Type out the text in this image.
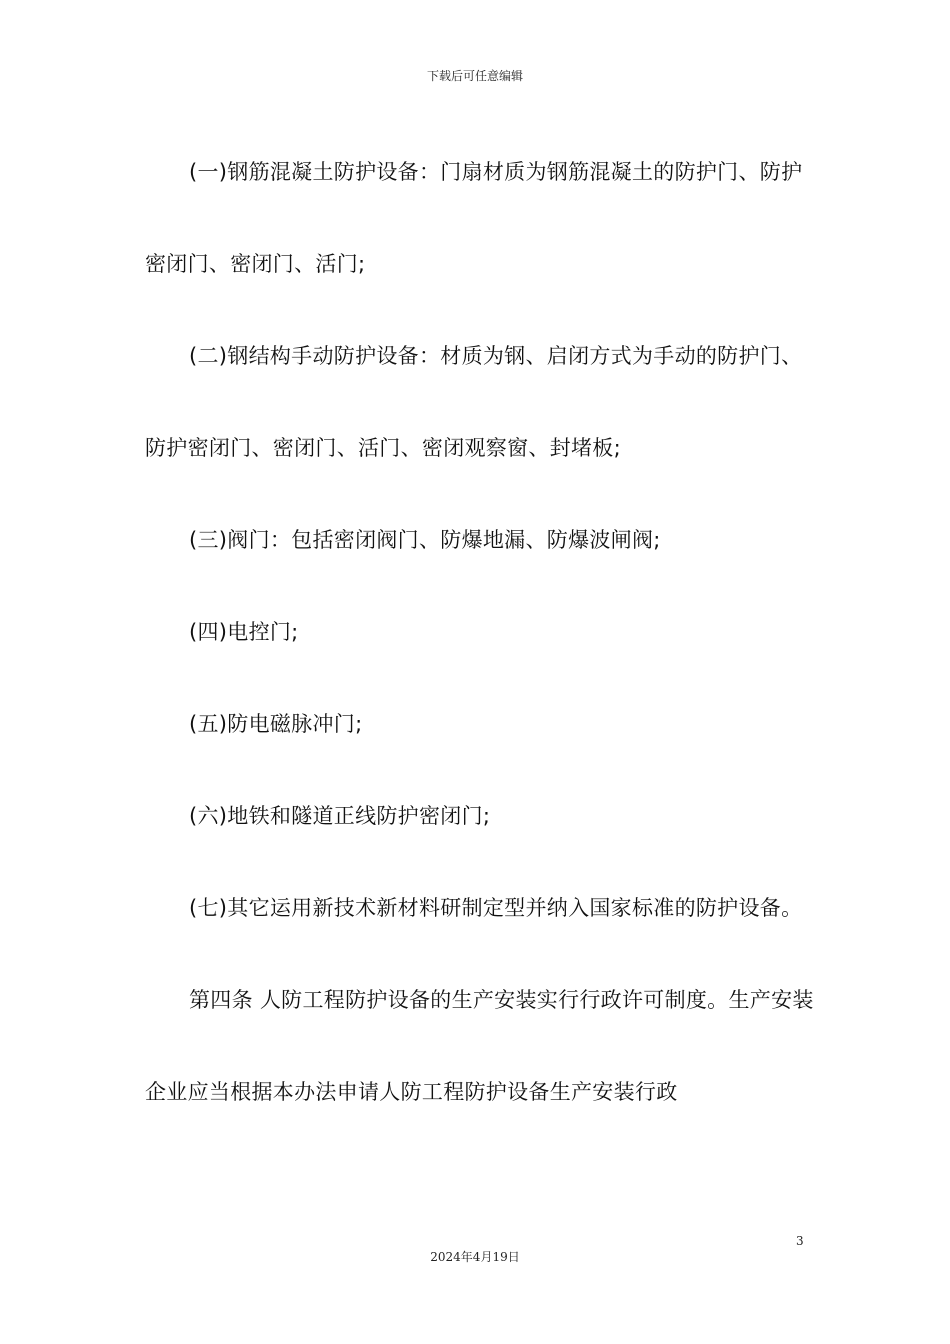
下载后可任意编辑

(一)钢筋混凝土防护设备：门扇材质为钢筋混凝土的防护门、防护密闭门、密闭门、活门;

(二)钢结构手动防护设备：材质为钢、启闭方式为手动的防护门、防护密闭门、密闭门、活门、密闭观察窗、封堵板;

(三)阀门：包括密闭阀门、防爆地漏、防爆波闸阀;

(四)电控门;

(五)防电磁脉冲门;

(六)地铁和隧道正线防护密闭门;

(七)其它运用新技术新材料研制定型并纳入国家标准的防护设备。

第四条 人防工程防护设备的生产安装实行行政许可制度。生产安装企业应当根据本办法申请人防工程防护设备生产安装行政

3
2024年4月19日
